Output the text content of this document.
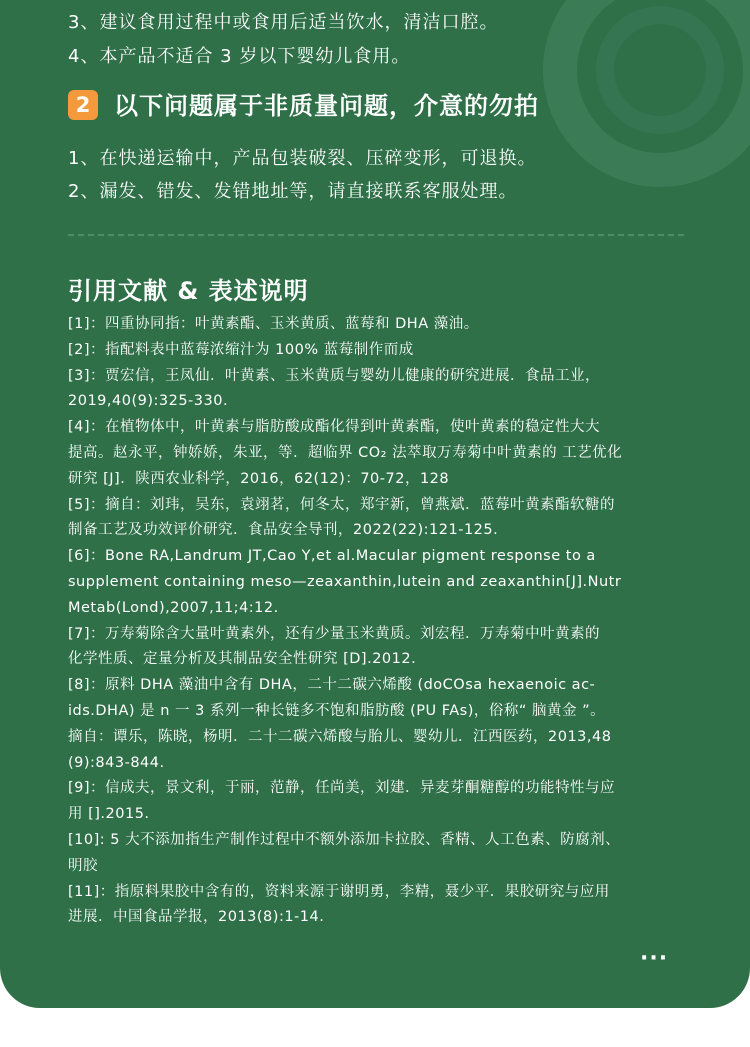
3、建议食用过程中或食用后适当饮水，清洁口腔。
4、本产品不适合 3 岁以下婴幼儿食用。
2 以下问题属于非质量问题，介意的勿拍
1、在快递运输中，产品包装破裂、压碎变形，可退换。
2、漏发、错发、发错地址等，请直接联系客服处理。
引用文献 & 表述说明
[1]：四重协同指：叶黄素酯、玉米黄质、蓝莓和 DHA 藻油。
[2]：指配料表中蓝莓浓缩汁为 100% 蓝莓制作而成
[3]：贾宏信，王凤仙．叶黄素、玉米黄质与婴幼儿健康的研究进展．食品工业，
2019,40(9):325-330.
[4]：在植物体中，叶黄素与脂肪酸成酯化得到叶黄素酯，使叶黄素的稳定性大大
提高。赵永平，钟娇娇，朱亚，等．超临界 CO₂ 法萃取万寿菊中叶黄素的 工艺优化
研究 [J]．陕西农业科学，2016，62(12)：70-72，128
[5]：摘自：刘玮，吴东，袁翊茗，何冬太，郑宇新，曾燕斌．蓝莓叶黄素酯软糖的
制备工艺及功效评价研究．食品安全导刊，2022(22):121-125.
[6]：Bone RA,Landrum JT,Cao Y,et al.Macular pigment response to a
supplement containing meso—zeaxanthin,lutein and zeaxanthin[J].Nutr
Metab(Lond),2007,11;4:12.
[7]：万寿菊除含大量叶黄素外，还有少量玉米黄质。刘宏程．万寿菊中叶黄素的
化学性质、定量分析及其制品安全性研究 [D].2012.
[8]：原料 DHA 藻油中含有 DHA，二十二碳六烯酸 (doCOsa hexaenoic ac-
ids.DHA) 是 n 一 3 系列一种长链多不饱和脂肪酸 (PU FAs)，俗称“ 脑黄金 ”。
摘自：谭乐，陈晓，杨明．二十二碳六烯酸与胎儿、婴幼儿．江西医药，2013,48
(9):843-844.
[9]：信成夫，景文利，于丽，范静，任尚美，刘建．异麦芽酮糖醇的功能特性与应
用 [].2015.
[10]: 5 大不添加指生产制作过程中不额外添加卡拉胶、香精、人工色素、防腐剂、
明胶
[11]：指原料果胶中含有的，资料来源于谢明勇，李精，聂少平．果胶研究与应用
进展．中国食品学报，2013(8):1-14.
···
